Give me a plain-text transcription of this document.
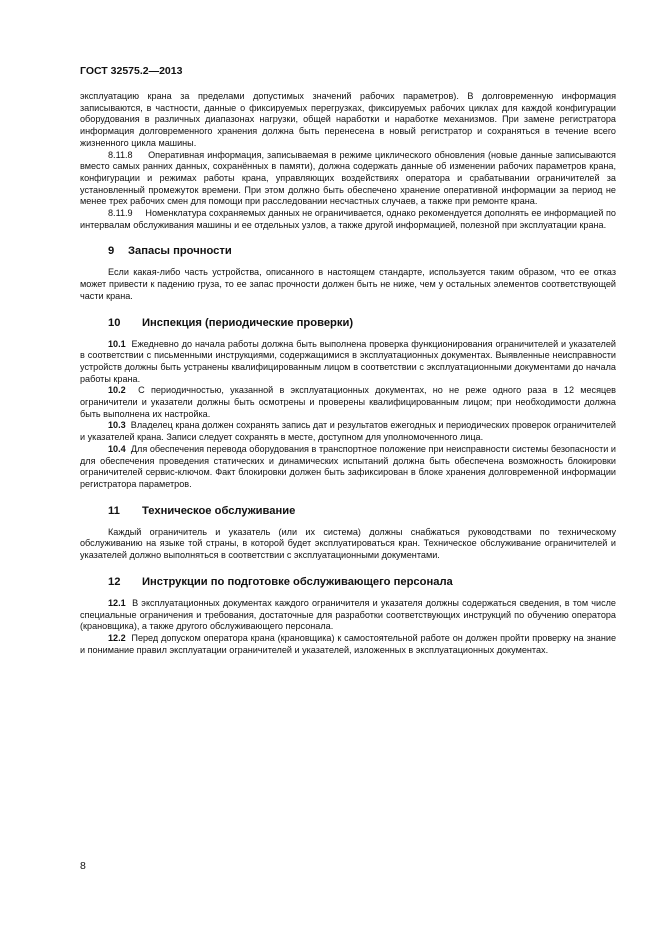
ГОСТ 32575.2—2013

эксплуатацию крана за пределами допустимых значений рабочих параметров). В долговременную информация записываются, в частности, данные о фиксируемых перегрузках, фиксируемых рабочих циклах для каждой конфигурации оборудования в различных диапазонах нагрузки, общей наработки и наработке механизмов. При замене регистратора информация долговременного хранения должна быть перенесена в новый регистратор и сохраняться в течение всего жизненного цикла машины.

8.11.8 Оперативная информация, записываемая в режиме циклического обновления (новые данные записываются вместо самых ранних данных, сохранённых в памяти), должна содержать данные об изменении рабочих параметров крана, конфигурации и режимах работы крана, управляющих воздействиях оператора и срабатывании ограничителей за установленный промежуток времени. При этом должно быть обеспечено хранение оперативной информации за период не менее трех рабочих смен для помощи при расследовании несчастных случаев, а также при ремонте крана.

8.11.9 Номенклатура сохраняемых данных не ограничивается, однако рекомендуется дополнять ее информацией по интервалам обслуживания машины и ее отдельных узлов, а также другой информацией, полезной при эксплуатации крана.

9 Запасы прочности

Если какая-либо часть устройства, описанного в настоящем стандарте, используется таким образом, что ее отказ может привести к падению груза, то ее запас прочности должен быть не ниже, чем у остальных элементов соответствующей части крана.

10 Инспекция (периодические проверки)

10.1 Ежедневно до начала работы должна быть выполнена проверка функционирования ограничителей и указателей в соответствии с письменными инструкциями, содержащимися в эксплуатационных документах. Выявленные неисправности устройств должны быть устранены квалифицированным лицом в соответствии с эксплуатационными документами до начала работы крана.

10.2 С периодичностью, указанной в эксплуатационных документах, но не реже одного раза в 12 месяцев ограничители и указатели должны быть осмотрены и проверены квалифицированным лицом; при необходимости должна быть выполнена их настройка.

10.3 Владелец крана должен сохранять запись дат и результатов ежегодных и периодических проверок ограничителей и указателей крана. Записи следует сохранять в месте, доступном для уполномоченного лица.

10.4 Для обеспечения перевода оборудования в транспортное положение при неисправности системы безопасности и для обеспечения проведения статических и динамических испытаний должна быть обеспечена возможность блокировки ограничителей сервис-ключом. Факт блокировки должен быть зафиксирован в блоке хранения долговременной информации регистратора параметров.

11 Техническое обслуживание

Каждый ограничитель и указатель (или их система) должны снабжаться руководствами по техническому обслуживанию на языке той страны, в которой будет эксплуатироваться кран. Техническое обслуживание ограничителей и указателей должно выполняться в соответствии с эксплуатационными документами.

12 Инструкции по подготовке обслуживающего персонала

12.1 В эксплуатационных документах каждого ограничителя и указателя должны содержаться сведения, в том числе специальные ограничения и требования, достаточные для разработки соответствующих инструкций по обучению оператора (крановщика), а также другого обслуживающего персонала.

12.2 Перед допуском оператора крана (крановщика) к самостоятельной работе он должен пройти проверку на знание и понимание правил эксплуатации ограничителей и указателей, изложенных в эксплуатационных документах.

8
